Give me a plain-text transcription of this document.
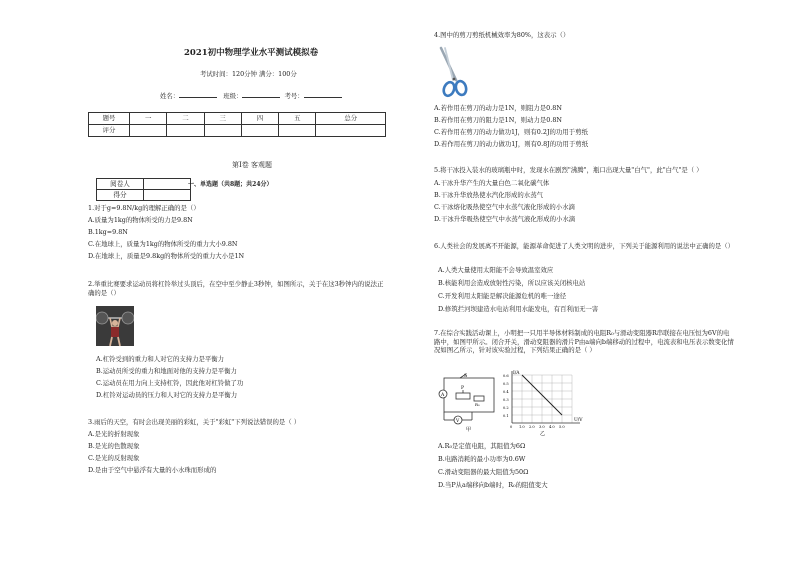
2021初中物理学业水平测试模拟卷
考试时间：120分钟 满分：100分
姓名：	班级：	考号：
题号	一	二	三	四	五	总分
评分						
第Ⅰ卷 客观题
阅卷人	
得分	
一、单选题（共8题；共24分）
1.对于g=9.8N/kg的理解正确的是（）
A.质量为1kg的物体所受的力是9.8N
B.1kg=9.8N
C.在地球上，质量为1kg的物体所受的重力大小9.8N
D.在地球上，质量是9.8kg的物体所受的重力大小是1N
2.举重比赛要求运动员将杠铃举过头顶后，在空中至少静止3秒钟，如图所示，关于在这3秒钟内的说法正确的是（）
A.杠铃受到的重力和人对它的支持力是平衡力
B.运动员所受的重力和地面对他的支持力是平衡力
C.运动员在用力向上支持杠铃，因此他对杠铃做了功
D.杠铃对运动员的压力和人对它的支持力是平衡力
3.雨后的天空，有时会出现美丽的彩虹，关于"彩虹"下列说法错误的是（ ）
A.是光的折射现象
B.是光的色散现象
C.是光的反射现象
D.是由于空气中悬浮有大量的小水珠而形成的
4.图中的剪刀剪纸机械效率为80%，这表示（）
A.若作用在剪刀的动力是1N，则阻力是0.8N
B.若作用在剪刀的阻力是1N，则动力是0.8N
C.若作用在剪刀的动力做功1J，则有0.2J的功用于剪纸
D.若作用在剪刀的动力做功1J，则有0.8J的功用于剪纸
5.将干冰投入装水的玻璃瓶中时，发现水在剧烈"沸腾"，瓶口出现大量"白气"，此"白气"是（ ）
A.干冰升华产生的大量白色二氧化碳气体
B.干冰升华放热使水汽化形成的水蒸气
C.干冰熔化吸热使空气中水蒸气液化形成的小水滴
D.干冰升华吸热使空气中水蒸气液化形成的小水滴
6.人类社会的发展离不开能源，能源革命促进了人类文明的进步，下列关于能源利用的说法中正确的是（）
A.人类大量使用太阳能不会导致温室效应
B.核能利用会造成放射性污染，所以应该关闭核电站
C.开发利用太阳能是解决能源危机的唯一途径
D.修筑拦河坝建造水电站利用水能发电，有百利而无一害
7.在综合实践活动课上，小明把一只用半导体材料制成的电阻R₀与滑动变阻器R串联接在电压恒为6V的电路中，如图甲所示。闭合开关，滑动变阻器的滑片P由a端向b端移动的过程中，电流表和电压表示数变化情况如图乙所示，针对该实验过程，下列结果正确的是（ ）
S
A
P
R₀
V
甲
I/A
U/V
0.6
0.5
0.4
0.3
0.2
0.1
0 1.0 2.0 3.0 4.0 5.0
乙
A.R₀是定值电阻，其阻值为6Ω
B.电路消耗的最小功率为0.6W
C.滑动变阻器的最大阻值为50Ω
D.当P从a端移向b端时，R₀的阻值变大
